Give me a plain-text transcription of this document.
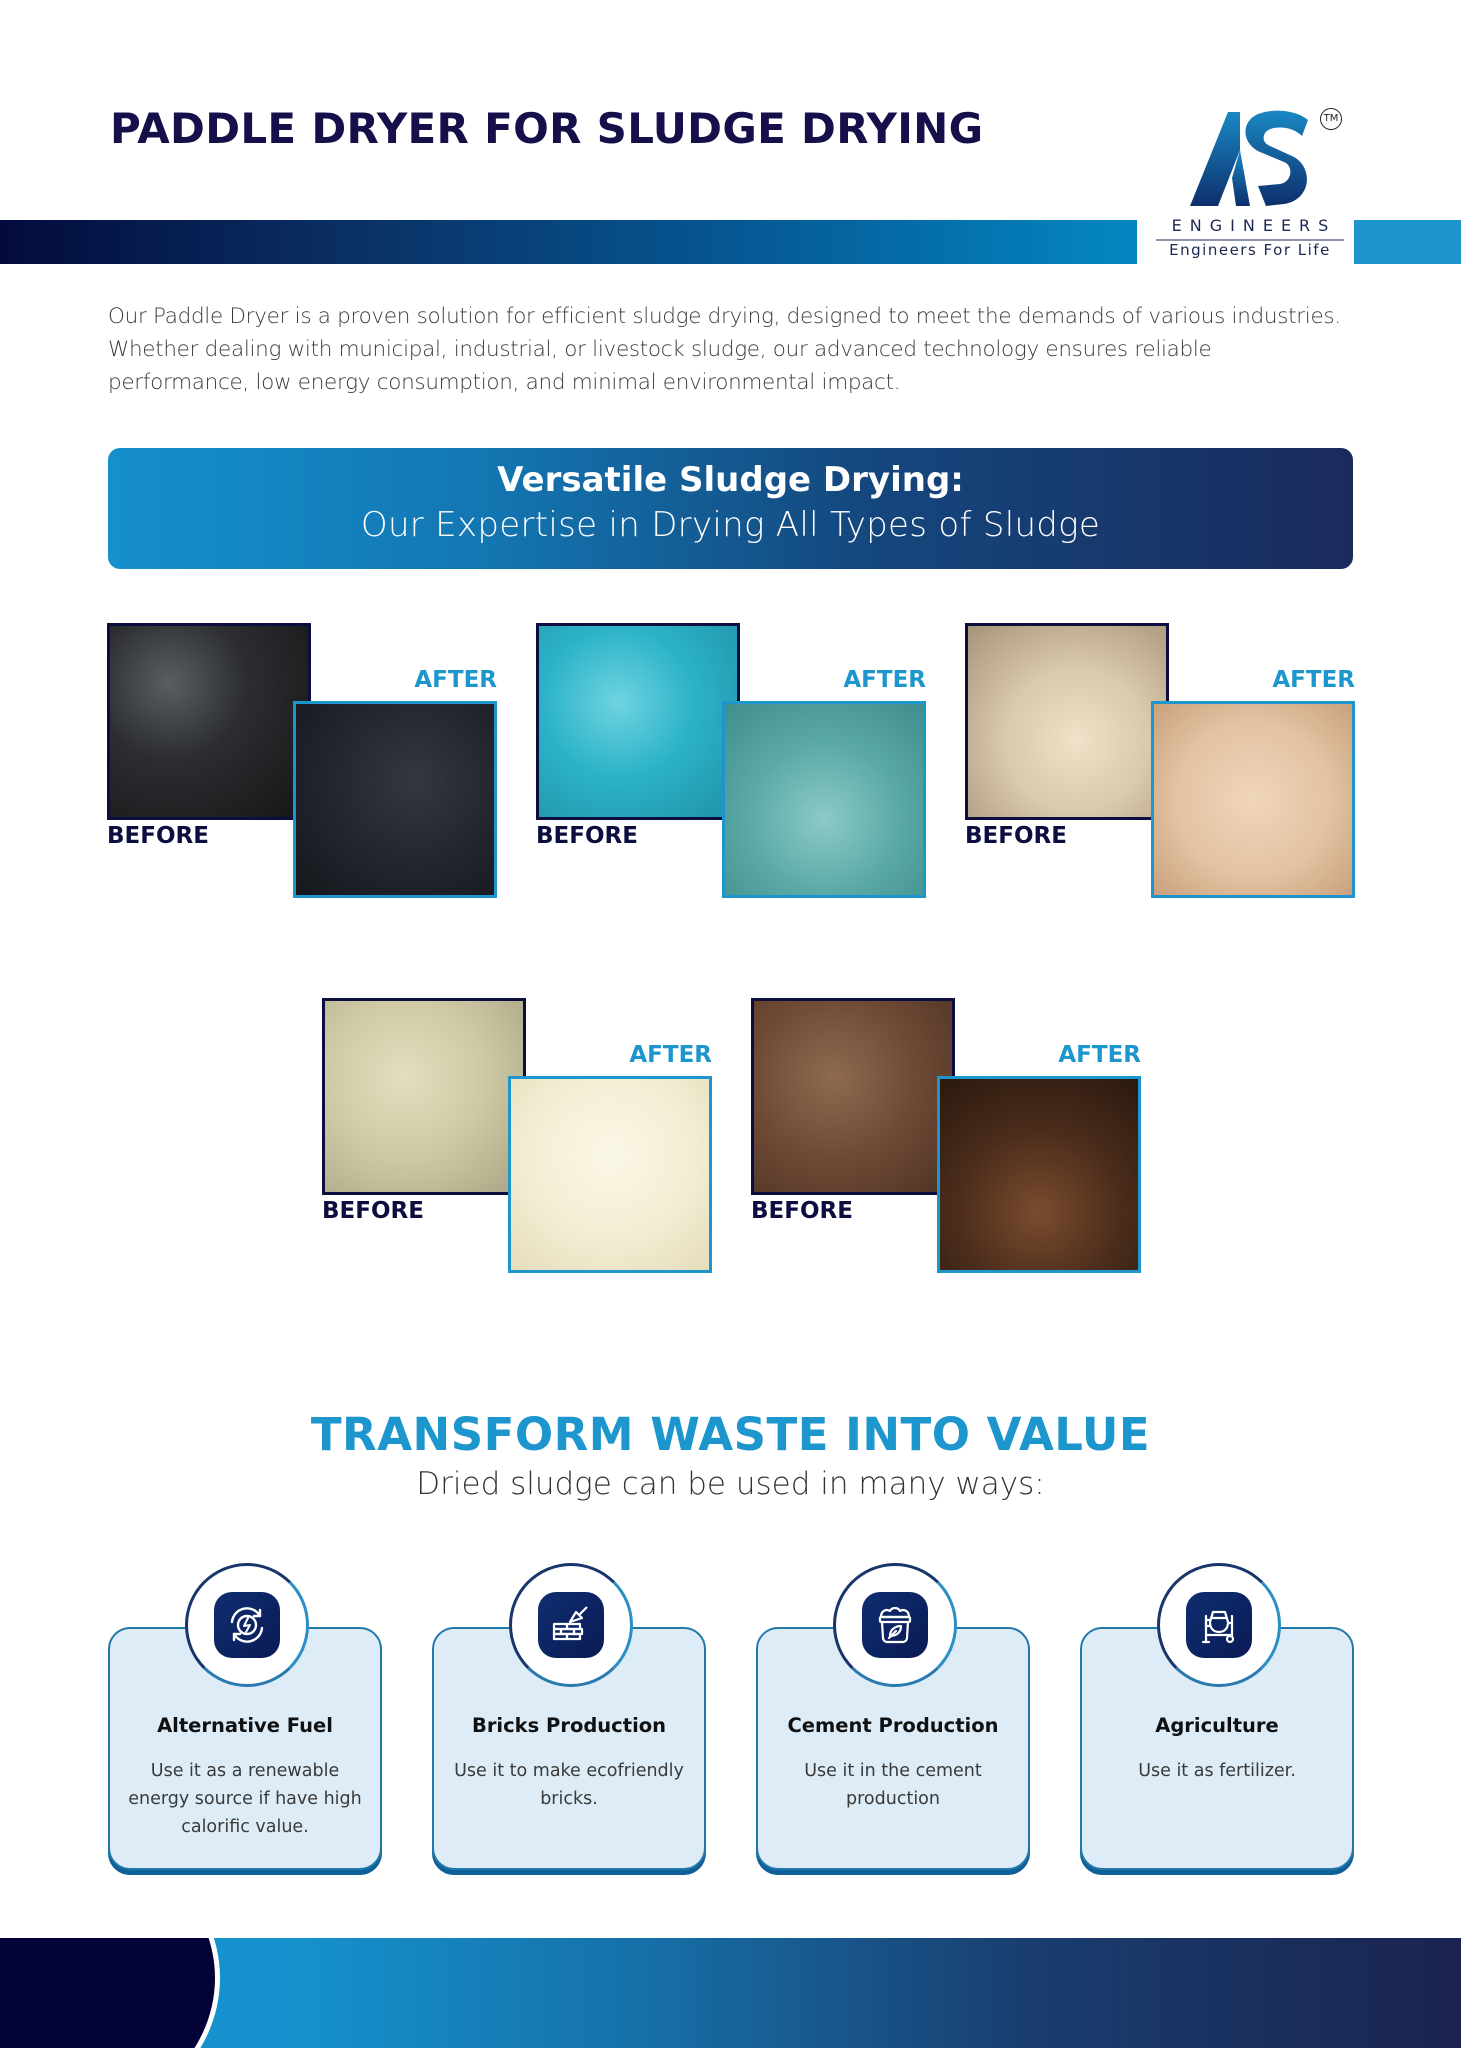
PADDLE DRYER FOR SLUDGE DRYING	TM
ENGINEERS
Engineers For Life

Our Paddle Dryer is a proven solution for efficient sludge drying, designed to meet the demands of various industries. Whether dealing with municipal, industrial, or livestock sludge, our advanced technology ensures reliable performance, low energy consumption, and minimal environmental impact.

Versatile Sludge Drying:
Our Expertise in Drying All Types of Sludge
BEFORE
AFTER
BEFORE
AFTER
BEFORE
AFTER
BEFORE
AFTER
BEFORE
AFTER
TRANSFORM WASTE INTO VALUE
Dried sludge can be used in many ways:
Alternative Fuel
Use it as a renewable energy source if have high calorific value.
Bricks Production
Use it to make ecofriendly bricks.
Cement Production
Use it in the cement production
Agriculture
Use it as fertilizer.
